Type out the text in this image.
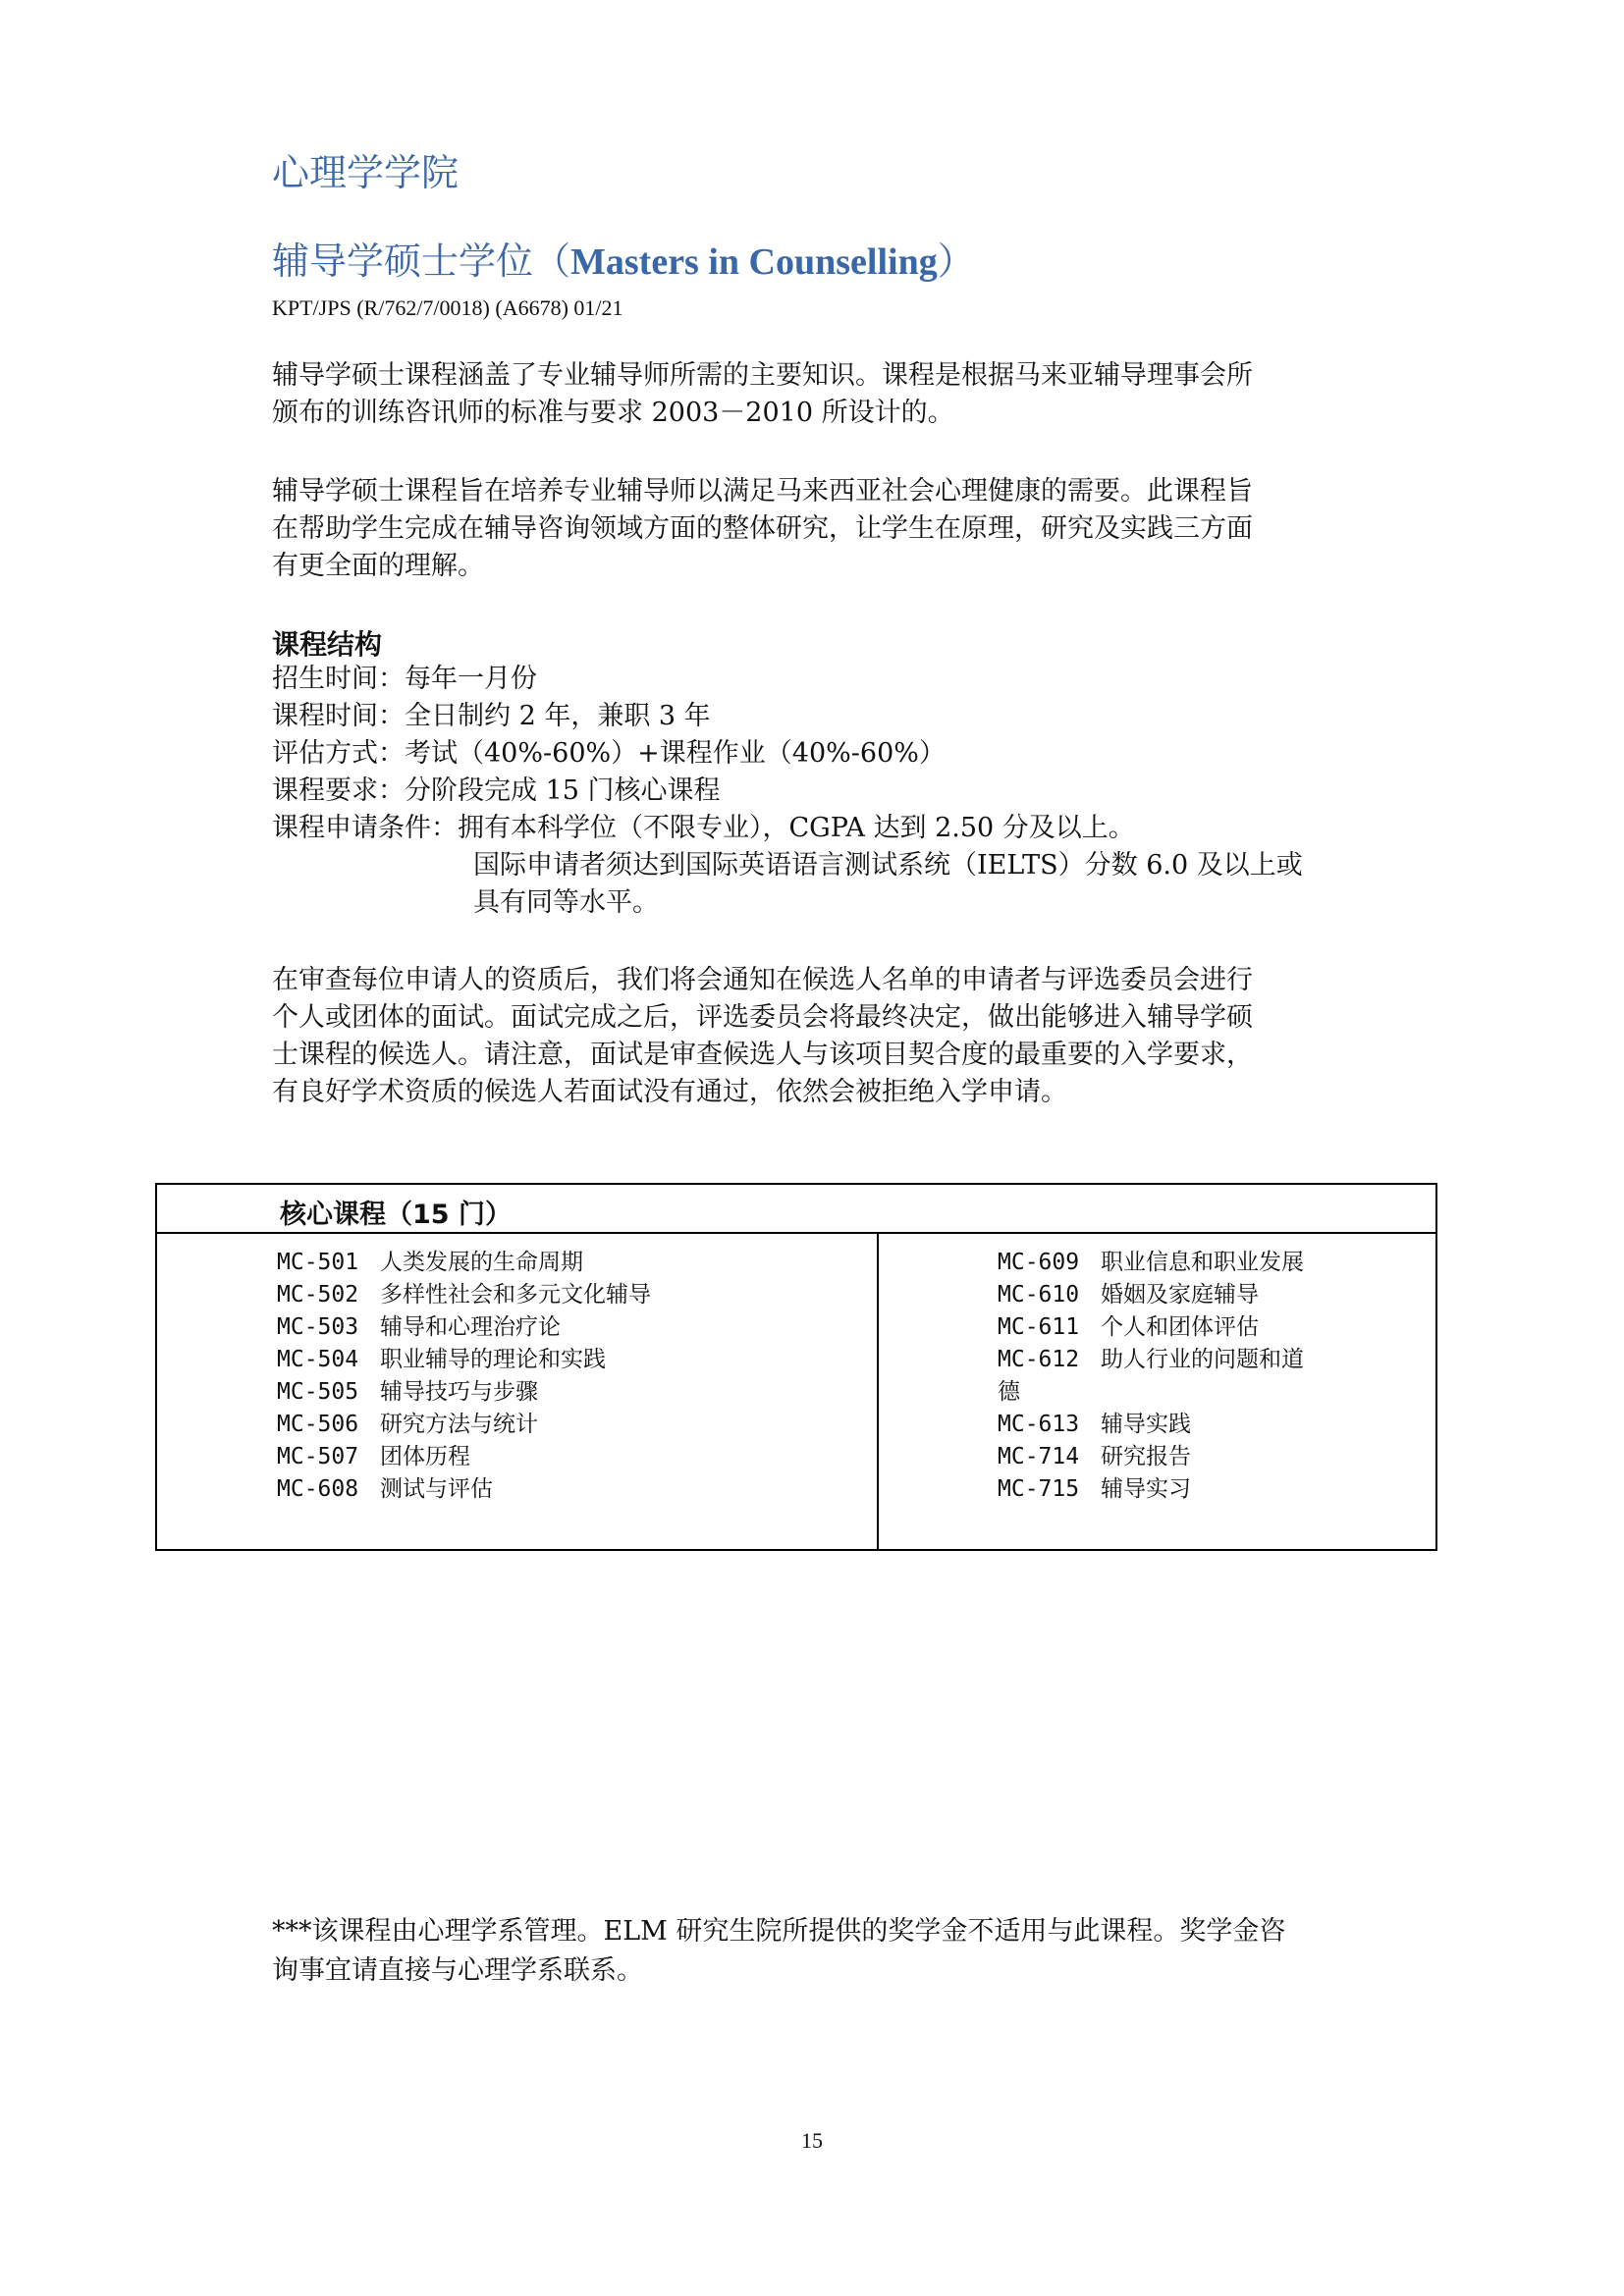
心理学学院
辅导学硕士学位（Masters in Counselling）
KPT/JPS (R/762/7/0018) (A6678) 01/21
辅导学硕士课程涵盖了专业辅导师所需的主要知识。课程是根据马来亚辅导理事会所
颁布的训练咨讯师的标准与要求 2003－2010 所设计的。
辅导学硕士课程旨在培养专业辅导师以满足马来西亚社会心理健康的需要。此课程旨
在帮助学生完成在辅导咨询领域方面的整体研究，让学生在原理，研究及实践三方面
有更全面的理解。
课程结构
招生时间：每年一月份
课程时间：全日制约 2 年，兼职 3 年
评估方式：考试（40%-60%）+课程作业（40%-60%）
课程要求：分阶段完成 15 门核心课程
课程申请条件：拥有本科学位（不限专业），CGPA 达到 2.50 分及以上。
国际申请者须达到国际英语语言测试系统（IELTS）分数 6.0 及以上或
具有同等水平。
在审查每位申请人的资质后，我们将会通知在候选人名单的申请者与评选委员会进行
个人或团体的面试。面试完成之后，评选委员会将最终决定，做出能够进入辅导学硕
士课程的候选人。请注意，面试是审查候选人与该项目契合度的最重要的入学要求，
有良好学术资质的候选人若面试没有通过，依然会被拒绝入学申请。
核心课程（15 门）
MC-501 人类发展的生命周期
MC-502 多样性社会和多元文化辅导
MC-503 辅导和心理治疗论
MC-504 职业辅导的理论和实践
MC-505 辅导技巧与步骤
MC-506 研究方法与统计
MC-507 团体历程
MC-608 测试与评估
MC-609 职业信息和职业发展
MC-610 婚姻及家庭辅导
MC-611 个人和团体评估
MC-612 助人行业的问题和道
德
MC-613 辅导实践
MC-714 研究报告
MC-715 辅导实习
***该课程由心理学系管理。ELM 研究生院所提供的奖学金不适用与此课程。奖学金咨
询事宜请直接与心理学系联系。
15
